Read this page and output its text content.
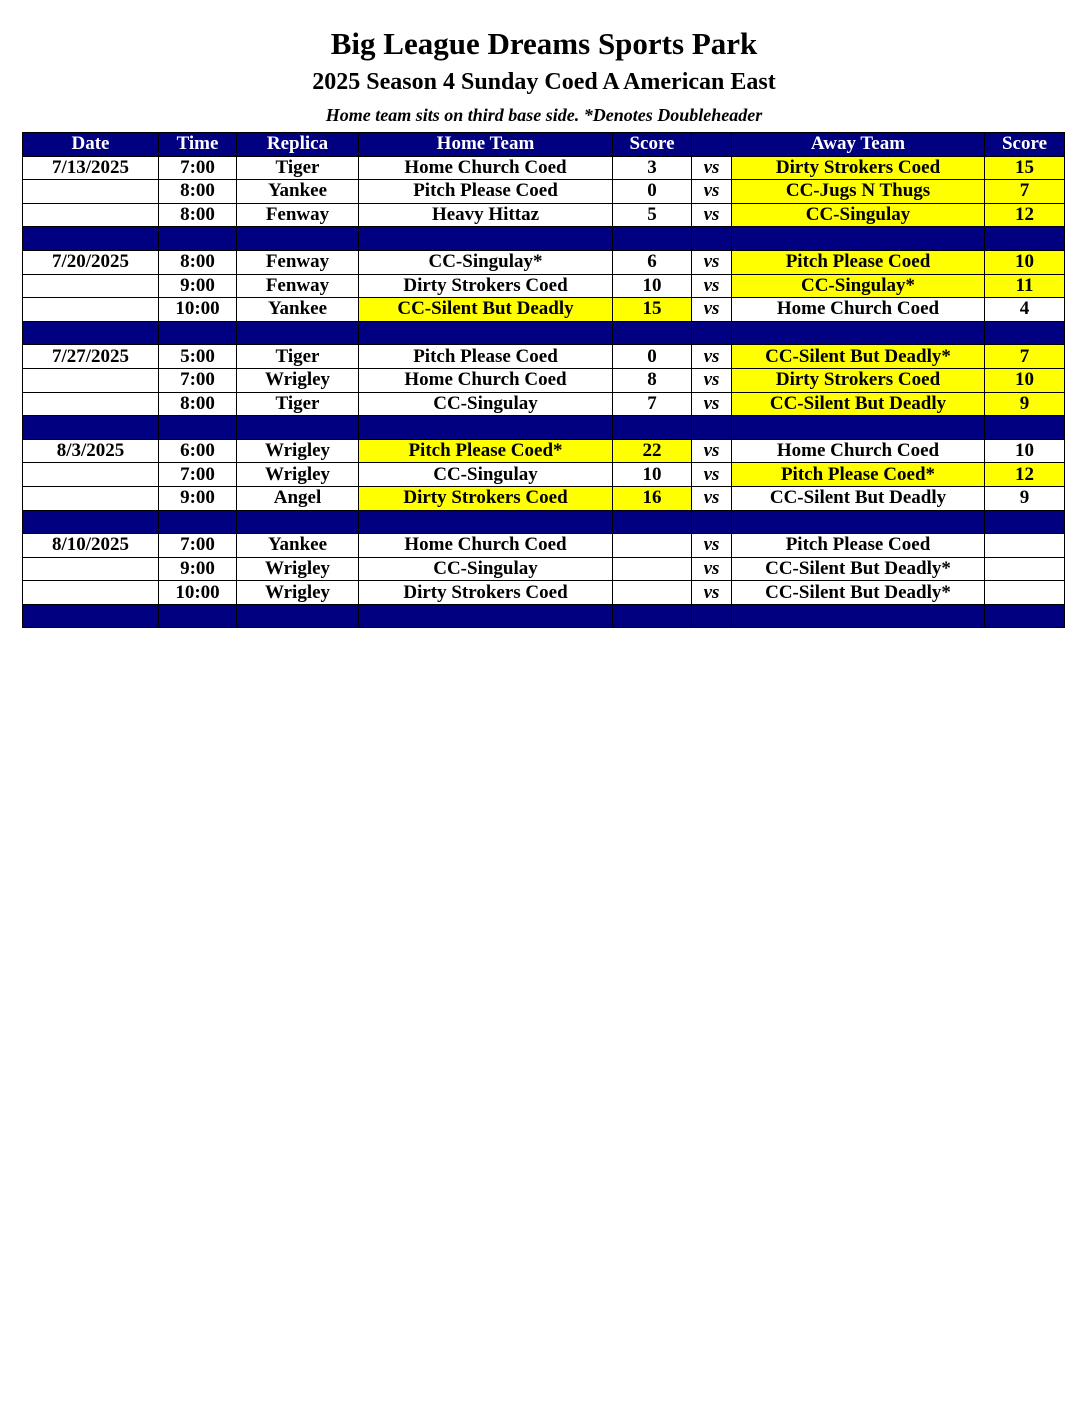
Big League Dreams Sports Park
2025 Season 4 Sunday Coed A American East
Home team sits on third base side. *Denotes Doubleheader
Date	Time	Replica	Home Team	Score		Away Team	Score
7/13/2025	7:00	Tiger	Home Church Coed	3	vs	Dirty Strokers Coed	15
	8:00	Yankee	Pitch Please Coed	0	vs	CC-Jugs N Thugs	7
	8:00	Fenway	Heavy Hittaz	5	vs	CC-Singulay	12

7/20/2025	8:00	Fenway	CC-Singulay*	6	vs	Pitch Please Coed	10
	9:00	Fenway	Dirty Strokers Coed	10	vs	CC-Singulay*	11
	10:00	Yankee	CC-Silent But Deadly	15	vs	Home Church Coed	4

7/27/2025	5:00	Tiger	Pitch Please Coed	0	vs	CC-Silent But Deadly*	7
	7:00	Wrigley	Home Church Coed	8	vs	Dirty Strokers Coed	10
	8:00	Tiger	CC-Singulay	7	vs	CC-Silent But Deadly	9

8/3/2025	6:00	Wrigley	Pitch Please Coed*	22	vs	Home Church Coed	10
	7:00	Wrigley	CC-Singulay	10	vs	Pitch Please Coed*	12
	9:00	Angel	Dirty Strokers Coed	16	vs	CC-Silent But Deadly	9

8/10/2025	7:00	Yankee	Home Church Coed		vs	Pitch Please Coed	
	9:00	Wrigley	CC-Singulay		vs	CC-Silent But Deadly*	
	10:00	Wrigley	Dirty Strokers Coed		vs	CC-Silent But Deadly*	
